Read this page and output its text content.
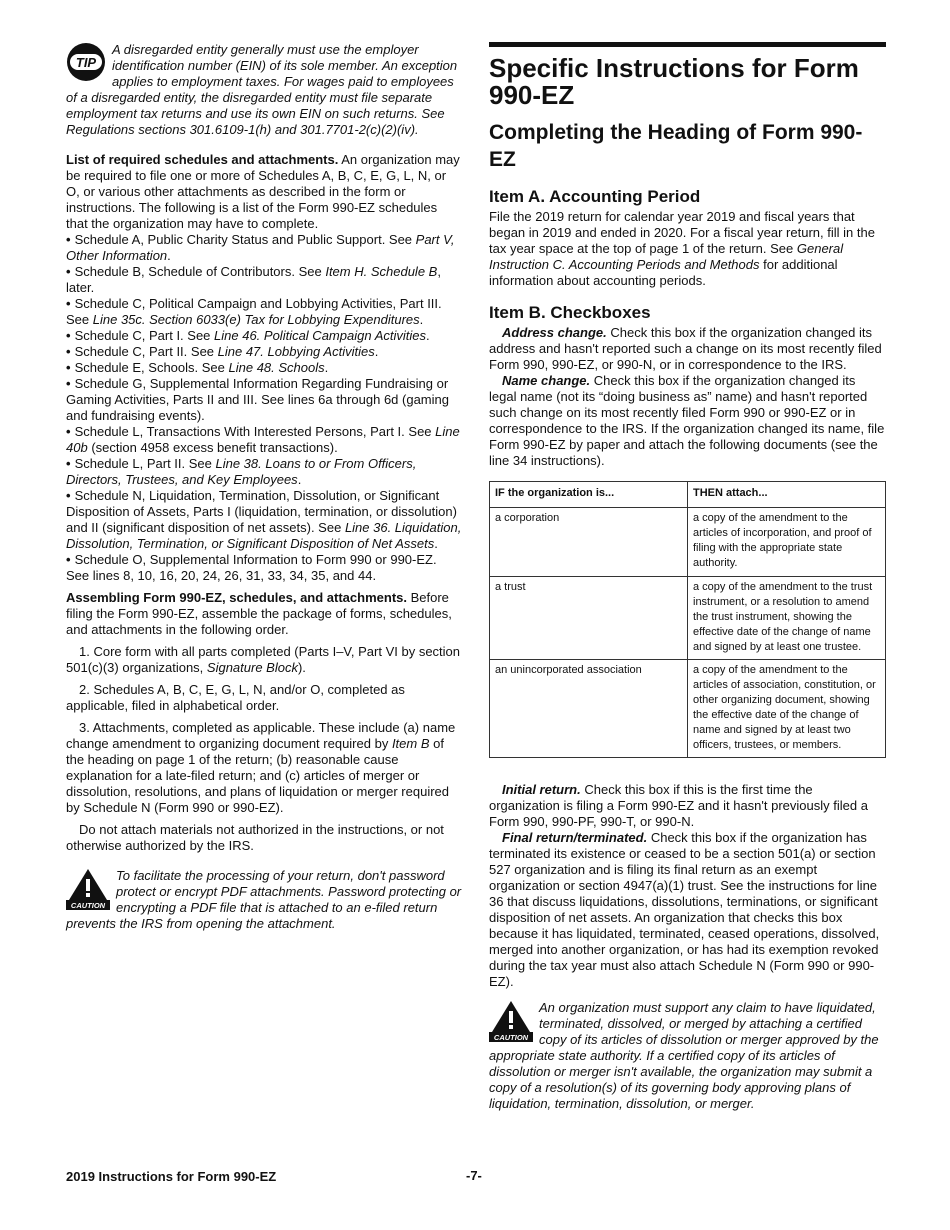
TIP
A disregarded entity generally must use the employer identification number (EIN) of its sole member. An exception applies to employment taxes. For wages paid to employees of a disregarded entity, the disregarded entity must file separate employment tax returns and use its own EIN on such returns. See Regulations sections 301.6109-1(h) and 301.7701-2(c)(2)(iv).

List of required schedules and attachments. An organization may be required to file one or more of Schedules A, B, C, E, G, L, N, or O, or various other attachments as described in the form or instructions. The following is a list of the Form 990-EZ schedules that the organization may have to complete.

• Schedule A, Public Charity Status and Public Support. See Part V, Other Information.
• Schedule B, Schedule of Contributors. See Item H. Schedule B, later.
• Schedule C, Political Campaign and Lobbying Activities, Part III. See Line 35c. Section 6033(e) Tax for Lobbying Expenditures.
• Schedule C, Part I. See Line 46. Political Campaign Activities.
• Schedule C, Part II. See Line 47. Lobbying Activities.
• Schedule E, Schools. See Line 48. Schools.
• Schedule G, Supplemental Information Regarding Fundraising or Gaming Activities, Parts II and III. See lines 6a through 6d (gaming and fundraising events).
• Schedule L, Transactions With Interested Persons, Part I. See Line 40b (section 4958 excess benefit transactions).
• Schedule L, Part II. See Line 38. Loans to or From Officers, Directors, Trustees, and Key Employees.
• Schedule N, Liquidation, Termination, Dissolution, or Significant Disposition of Assets, Parts I (liquidation, termination, or dissolution) and II (significant disposition of net assets). See Line 36. Liquidation, Dissolution, Termination, or Significant Disposition of Net Assets.
• Schedule O, Supplemental Information to Form 990 or 990-EZ. See lines 8, 10, 16, 20, 24, 26, 31, 33, 34, 35, and 44.

Assembling Form 990-EZ, schedules, and attachments. Before filing the Form 990-EZ, assemble the package of forms, schedules, and attachments in the following order.

1. Core form with all parts completed (Parts I–V, Part VI by section 501(c)(3) organizations, Signature Block).

2. Schedules A, B, C, E, G, L, N, and/or O, completed as applicable, filed in alphabetical order.

3. Attachments, completed as applicable. These include (a) name change amendment to organizing document required by Item B of the heading on page 1 of the return; (b) reasonable cause explanation for a late-filed return; and (c) articles of merger or dissolution, resolutions, and plans of liquidation or merger required by Schedule N (Form 990 or 990-EZ).

Do not attach materials not authorized in the instructions, or not otherwise authorized by the IRS.

CAUTION
To facilitate the processing of your return, don't password protect or encrypt PDF attachments. Password protecting or encrypting a PDF file that is attached to an e-filed return prevents the IRS from opening the attachment.
Specific Instructions for Form 990-EZ
Completing the Heading of Form 990-EZ
Item A. Accounting Period

File the 2019 return for calendar year 2019 and fiscal years that began in 2019 and ended in 2020. For a fiscal year return, fill in the tax year space at the top of page 1 of the return. See General Instruction C. Accounting Periods and Methods for additional information about accounting periods.

Item B. Checkboxes

Address change. Check this box if the organization changed its address and hasn't reported such a change on its most recently filed Form 990, 990-EZ, or 990-N, or in correspondence to the IRS.

Name change. Check this box if the organization changed its legal name (not its “doing business as” name) and hasn't reported such change on its most recently filed Form 990 or 990-EZ or in correspondence to the IRS. If the organization changed its name, file Form 990-EZ by paper and attach the following documents (see the line 34 instructions).

IF the organization is...	THEN attach...
a corporation	a copy of the amendment to the articles of incorporation, and proof of filing with the appropriate state authority.
a trust	a copy of the amendment to the trust instrument, or a resolution to amend the trust instrument, showing the effective date of the change of name and signed by at least one trustee.
an unincorporated association	a copy of the amendment to the articles of association, constitution, or other organizing document, showing the effective date of the change of name and signed by at least two officers, trustees, or members.

Initial return. Check this box if this is the first time the organization is filing a Form 990-EZ and it hasn't previously filed a Form 990, 990-PF, 990-T, or 990-N.

Final return/terminated. Check this box if the organization has terminated its existence or ceased to be a section 501(a) or section 527 organization and is filing its final return as an exempt organization or section 4947(a)(1) trust. See the instructions for line 36 that discuss liquidations, dissolutions, terminations, or significant disposition of net assets. An organization that checks this box because it has liquidated, terminated, ceased operations, dissolved, merged into another organization, or has had its exemption revoked during the tax year must also attach Schedule N (Form 990 or 990-EZ).

CAUTION
An organization must support any claim to have liquidated, terminated, dissolved, or merged by attaching a certified copy of its articles of dissolution or merger approved by the appropriate state authority. If a certified copy of its articles of dissolution or merger isn't available, the organization may submit a copy of a resolution(s) of its governing body approving plans of liquidation, termination, dissolution, or merger.
2019 Instructions for Form 990-EZ	-7-
